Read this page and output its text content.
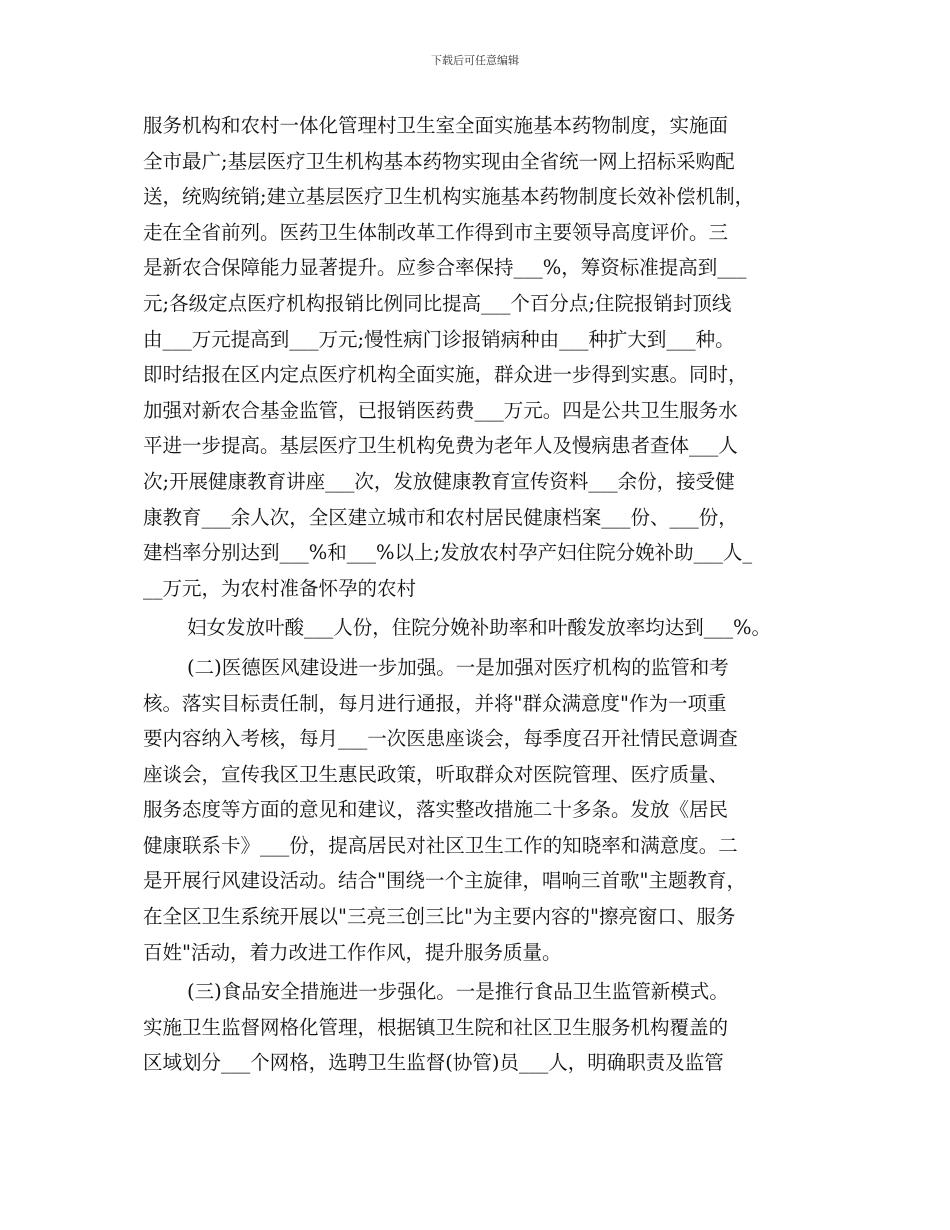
下载后可任意编辑
服务机构和农村一体化管理村卫生室全面实施基本药物制度，实施面
全市最广;基层医疗卫生机构基本药物实现由全省统一网上招标采购配
送，统购统销;建立基层医疗卫生机构实施基本药物制度长效补偿机制，
走在全省前列。医药卫生体制改革工作得到市主要领导高度评价。三
是新农合保障能力显著提升。应参合率保持___%，筹资标准提高到___
元;各级定点医疗机构报销比例同比提高___个百分点;住院报销封顶线
由___万元提高到___万元;慢性病门诊报销病种由___种扩大到___种。
即时结报在区内定点医疗机构全面实施，群众进一步得到实惠。同时，
加强对新农合基金监管，已报销医药费___万元。四是公共卫生服务水
平进一步提高。基层医疗卫生机构免费为老年人及慢病患者查体___人
次;开展健康教育讲座___次，发放健康教育宣传资料___余份，接受健
康教育___余人次，全区建立城市和农村居民健康档案___份、___份，
建档率分别达到___%和___%以上;发放农村孕产妇住院分娩补助___人_
__万元，为农村准备怀孕的农村
妇女发放叶酸___人份，住院分娩补助率和叶酸发放率均达到___%。
(二)医德医风建设进一步加强。一是加强对医疗机构的监管和考
核。落实目标责任制，每月进行通报，并将"群众满意度"作为一项重
要内容纳入考核，每月___一次医患座谈会，每季度召开社情民意调查
座谈会，宣传我区卫生惠民政策，听取群众对医院管理、医疗质量、
服务态度等方面的意见和建议，落实整改措施二十多条。发放《居民
健康联系卡》___份，提高居民对社区卫生工作的知晓率和满意度。二
是开展行风建设活动。结合"围绕一个主旋律，唱响三首歌"主题教育，
在全区卫生系统开展以"三亮三创三比"为主要内容的"擦亮窗口、服务
百姓"活动，着力改进工作作风，提升服务质量。
(三)食品安全措施进一步强化。一是推行食品卫生监管新模式。
实施卫生监督网格化管理，根据镇卫生院和社区卫生服务机构覆盖的
区域划分___个网格，选聘卫生监督(协管)员___人，明确职责及监管
